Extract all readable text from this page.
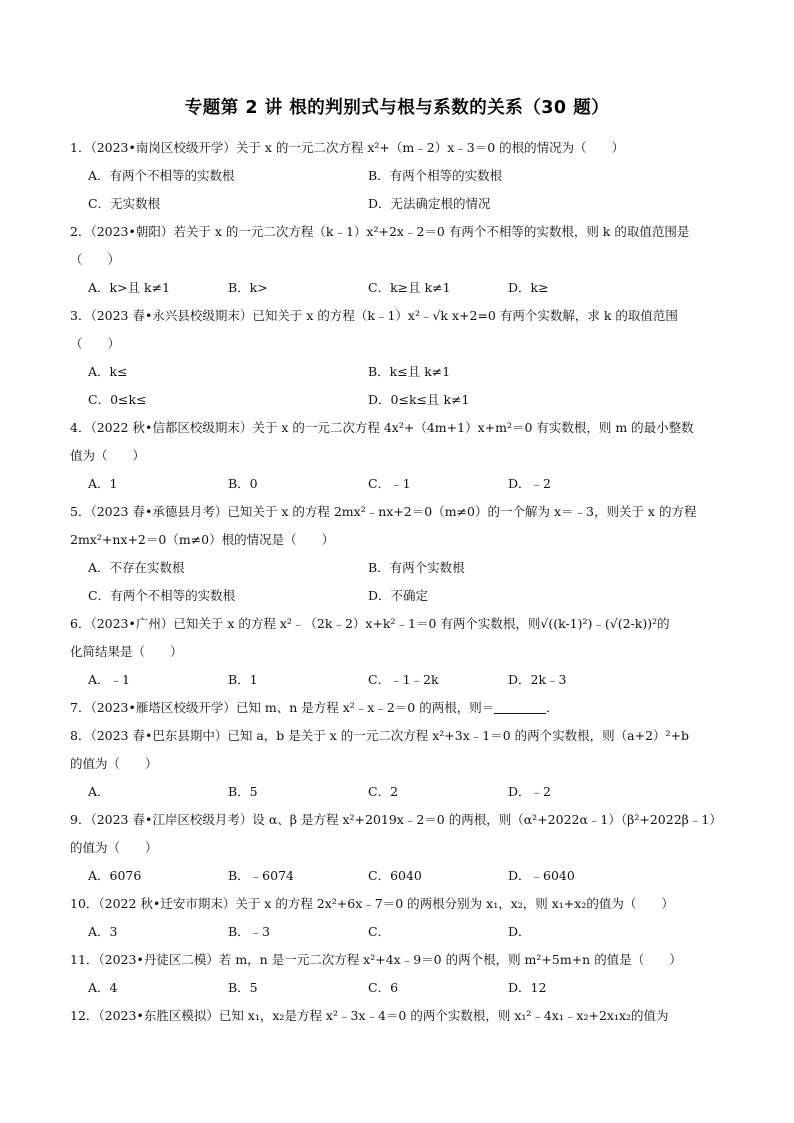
专题第 2 讲 根的判别式与根与系数的关系（30 题）
1．（2023•南岗区校级开学）关于 x 的一元二次方程 x²+（m﹣2）x﹣3＝0 的根的情况为（　　）
A．有两个不相等的实数根	B．有两个相等的实数根
C．无实数根	D．无法确定根的情况
2．（2023•朝阳）若关于 x 的一元二次方程（k﹣1）x²+2x﹣2＝0 有两个不相等的实数根，则 k 的取值范围是
（　　）
A．k>且 k≠1	B．k>	C．k≥且 k≠1	D．k≥
3．（2023 春•永兴县校级期末）已知关于 x 的方程（k﹣1）x²﹣√k x+2=0 有两个实数解，求 k 的取值范围
（　　）
A．k≤	B．k≤且 k≠1
C．0≤k≤	D．0≤k≤且 k≠1
4．（2022 秋•信都区校级期末）关于 x 的一元二次方程 4x²+（4m+1）x+m²＝0 有实数根，则 m 的最小整数
值为（　　）
A．1	B．0	C．﹣1	D．﹣2
5．（2023 春•承德县月考）已知关于 x 的方程 2mx²﹣nx+2＝0（m≠0）的一个解为 x＝﹣3，则关于 x 的方程
2mx²+nx+2＝0（m≠0）根的情况是（　　）
A．不存在实数根	B．有两个实数根
C．有两个不相等的实数根	D．不确定
6．（2023•广州）已知关于 x 的方程 x²﹣（2k﹣2）x+k²﹣1＝0 有两个实数根，则√((k-1)²)﹣(√(2-k))²的
化简结果是（　　）
A．﹣1	B．1	C．﹣1﹣2k	D．2k﹣3
7．（2023•雁塔区校级开学）已知 m、n 是方程 x²﹣x﹣2＝0 的两根，则＝	．
8．（2023 春•巴东县期中）已知 a，b 是关于 x 的一元二次方程 x²+3x﹣1＝0 的两个实数根，则（a+2）²+b
的值为（　　）
A．	B．5	C．2	D．﹣2
9．（2023 春•江岸区校级月考）设 α、β 是方程 x²+2019x﹣2＝0 的两根，则（α²+2022α﹣1）（β²+2022β﹣1）
的值为（　　）
A．6076	B．﹣6074	C．6040	D．﹣6040
10．（2022 秋•迁安市期末）关于 x 的方程 2x²+6x﹣7＝0 的两根分别为 x₁，x₂，则 x₁+x₂的值为（　　）
A．3	B．﹣3	C．	D．
11．（2023•丹徒区二模）若 m，n 是一元二次方程 x²+4x﹣9＝0 的两个根，则 m²+5m+n 的值是（　　）
A．4	B．5	C．6	D．12
12．（2023•东胜区模拟）已知 x₁，x₂是方程 x²﹣3x﹣4＝0 的两个实数根，则 x₁²﹣4x₁﹣x₂+2x₁x₂的值为
